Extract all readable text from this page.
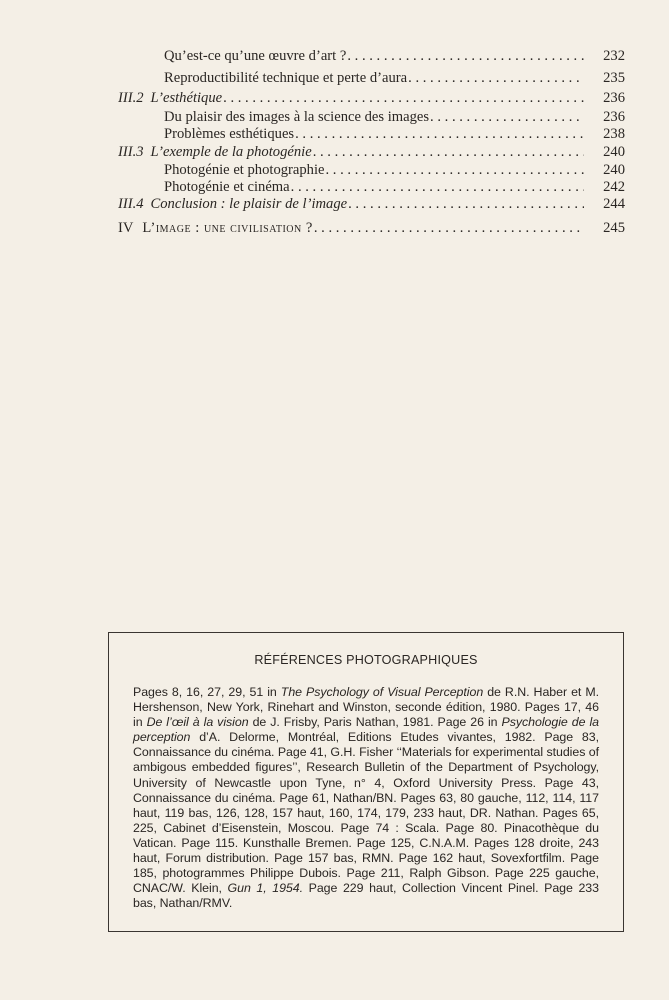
Qu’est-ce qu’une œuvre d’art ? . . .	232
Reproductibilité technique et perte d’aura . . .	235
III.2 L’esthétique . . .	236
Du plaisir des images à la science des images . . .	236
Problèmes esthétiques . . .	238
III.3 L’exemple de la photogénie . . .	240
Photogénie et photographie . . .	240
Photogénie et cinéma . . .	242
III.4 Conclusion : le plaisir de l’image . . .	244
IV L’image : une civilisation ? . . .	245
RÉFÉRENCES PHOTOGRAPHIQUES
Pages 8, 16, 27, 29, 51 in The Psychology of Visual Perception de R.N. Haber et M. Hershenson, New York, Rinehart and Winston, seconde édition, 1980. Pages 17, 46 in De l’œil à la vision de J. Frisby, Paris Nathan, 1981. Page 26 in Psychologie de la perception d’A. Delorme, Montréal, Editions Etudes vivantes, 1982. Page 83, Connaissance du cinéma. Page 41, G.H. Fisher ‘‘Materials for experimental studies of ambigous embedded figures’’, Research Bulletin of the Department of Psychology, University of Newcastle upon Tyne, n° 4, Oxford University Press. Page 43, Connaissance du cinéma. Page 61, Nathan/BN. Pages 63, 80 gauche, 112, 114, 117 haut, 119 bas, 126, 128, 157 haut, 160, 174, 179, 233 haut, DR. Nathan. Pages 65, 225, Cabinet d’Eisenstein, Moscou. Page 74 : Scala. Page 80. Pinacothèque du Vatican. Page 115. Kunsthalle Bremen. Page 125, C.N.A.M. Pages 128 droite, 243 haut, Forum distribution. Page 157 bas, RMN. Page 162 haut, Sovexfortfilm. Page 185, photogrammes Philippe Dubois. Page 211, Ralph Gibson. Page 225 gauche, CNAC/W. Klein, Gun 1, 1954. Page 229 haut, Collection Vincent Pinel. Page 233 bas, Nathan/RMV.
